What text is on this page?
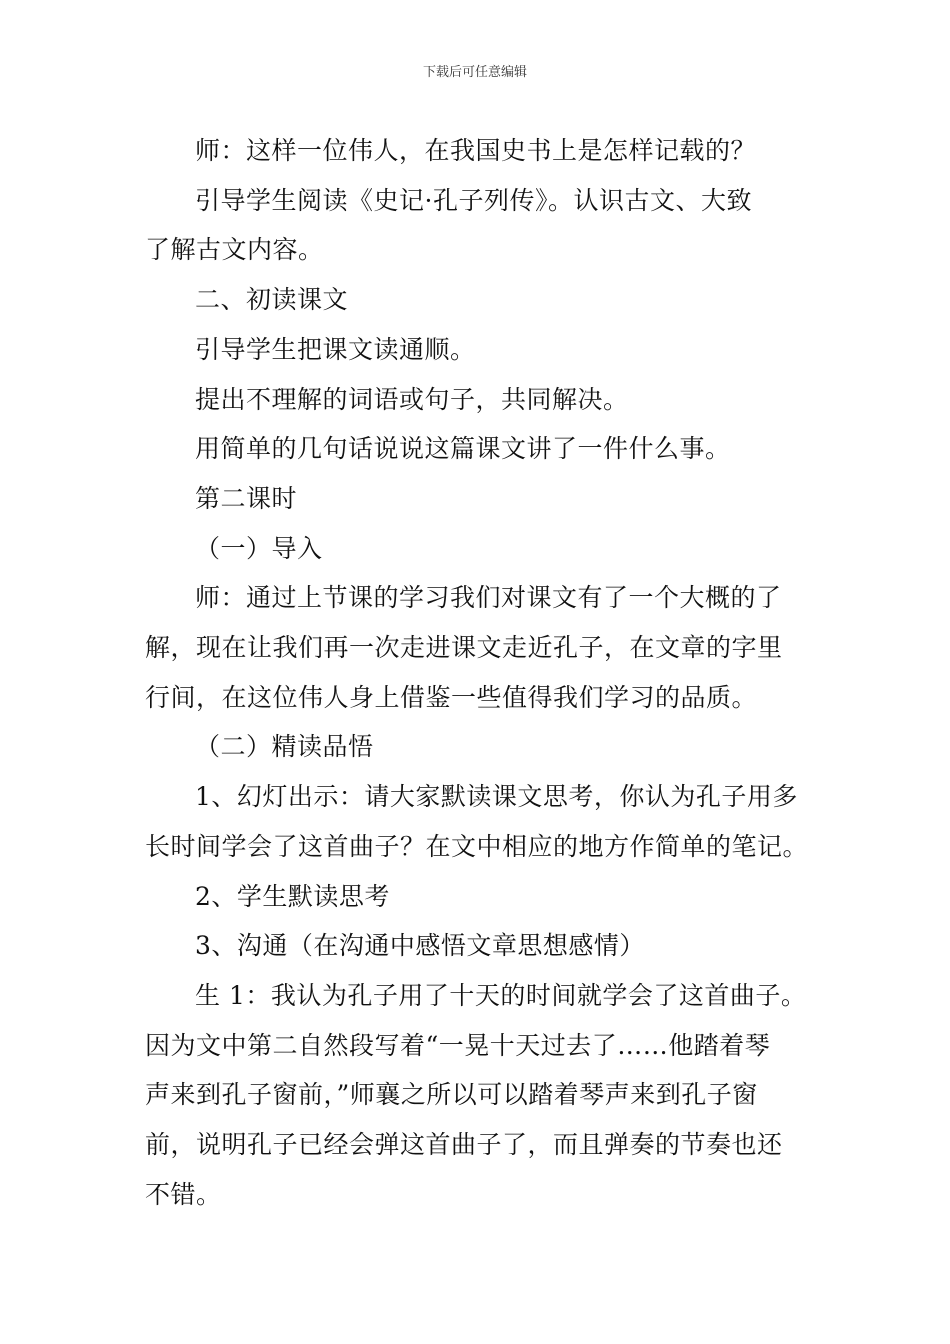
下载后可任意编辑

师：这样一位伟人，在我国史书上是怎样记载的？

引导学生阅读《史记·孔子列传》。认识古文、大致

了解古文内容。

二、初读课文

引导学生把课文读通顺。

提出不理解的词语或句子，共同解决。

用简单的几句话说说这篇课文讲了一件什么事。

第二课时

（一）导入

师：通过上节课的学习我们对课文有了一个大概的了

解，现在让我们再一次走进课文走近孔子，在文章的字里

行间，在这位伟人身上借鉴一些值得我们学习的品质。

（二）精读品悟

1、幻灯出示：请大家默读课文思考，你认为孔子用多

长时间学会了这首曲子？在文中相应的地方作简单的笔记。

2、学生默读思考

3、沟通（在沟通中感悟文章思想感情）

生 1：我认为孔子用了十天的时间就学会了这首曲子。

因为文中第二自然段写着“一晃十天过去了……他踏着琴

声来到孔子窗前，”师襄之所以可以踏着琴声来到孔子窗

前，说明孔子已经会弹这首曲子了，而且弹奏的节奏也还

不错。
